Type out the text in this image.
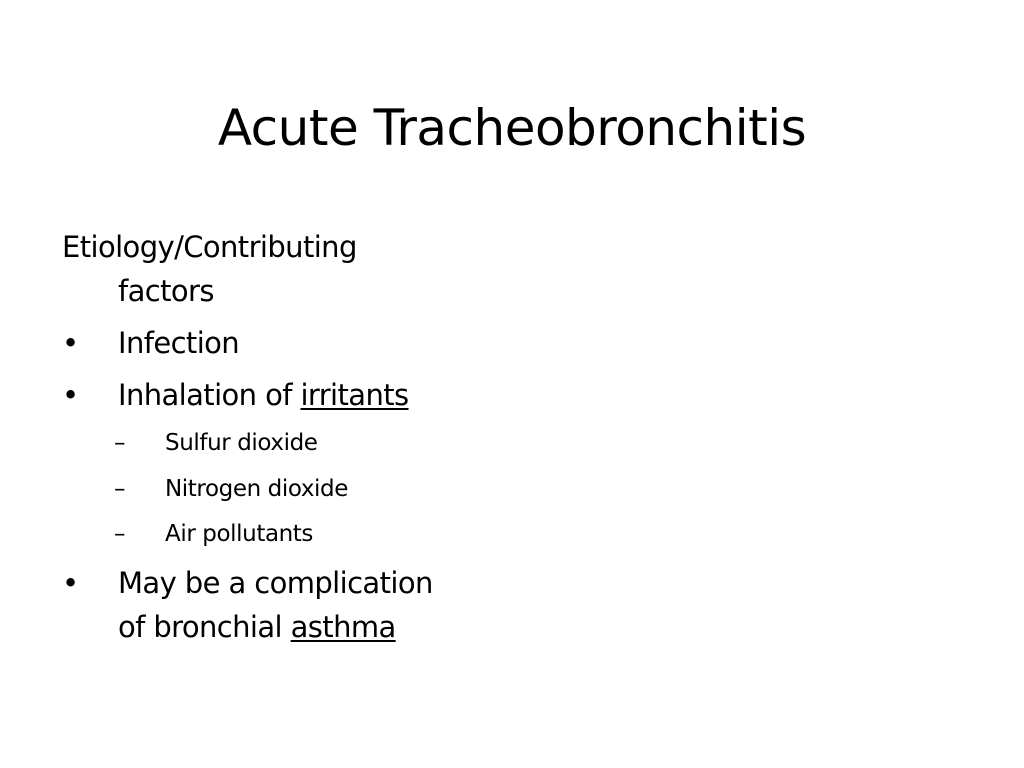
Acute Tracheobronchitis
Etiology/Contributing
factors
• Infection
• Inhalation of irritants
– Sulfur dioxide
– Nitrogen dioxide
– Air pollutants
• May be a complication
of bronchial asthma
